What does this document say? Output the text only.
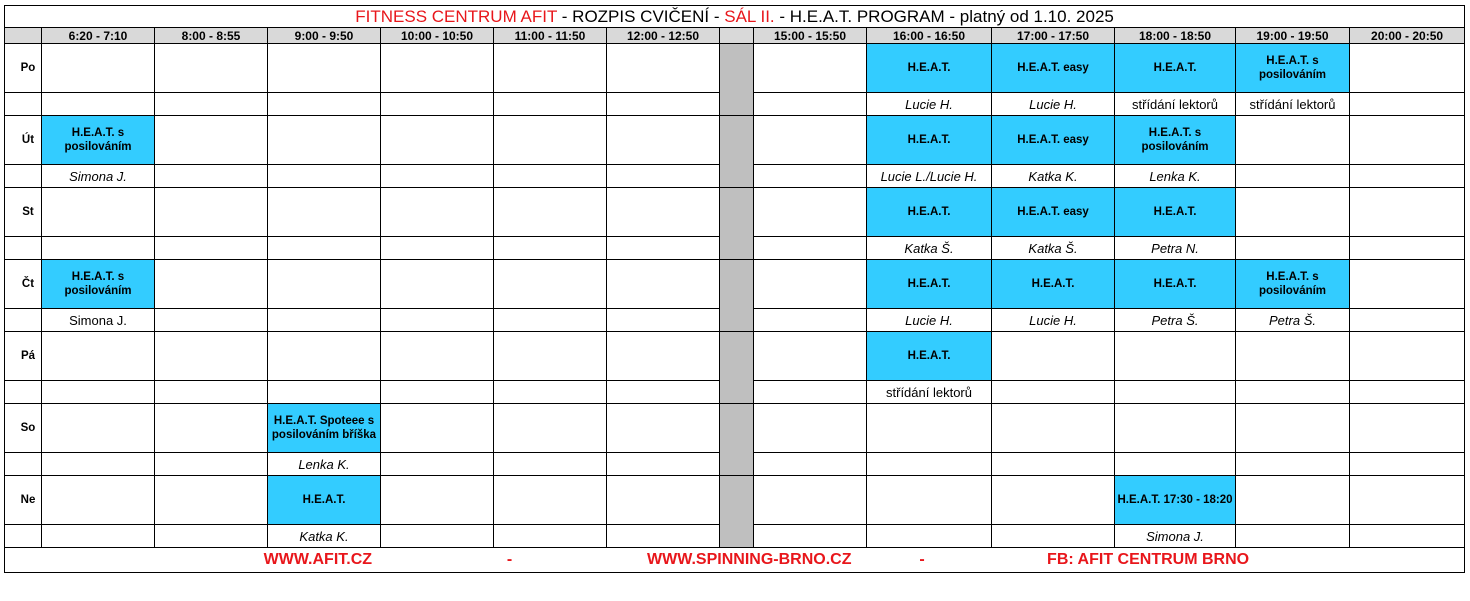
FITNESS CENTRUM AFIT - ROZPIS CVIČENÍ - SÁL II. - H.E.A.T. PROGRAM - platný od 1.10. 2025													
	6:20 - 7:10	8:00 - 8:55	9:00 - 9:50	10:00 - 10:50	11:00 - 11:50	12:00 - 12:50		15:00 - 15:50	16:00 - 16:50	17:00 - 17:50	18:00 - 18:50	19:00 - 19:50	20:00 - 20:50
Po									H.E.A.T.	H.E.A.T. easy	H.E.A.T.	H.E.A.T. s posilováním	
									Lucie H.	Lucie H.	střídání lektorů	střídání lektorů	
Út	H.E.A.T. s posilováním								H.E.A.T.	H.E.A.T. easy	H.E.A.T. s posilováním		
	Simona J.								Lucie L./Lucie H.	Katka K.	Lenka K.		
St									H.E.A.T.	H.E.A.T. easy	H.E.A.T.		
									Katka Š.	Katka Š.	Petra N.		
Čt	H.E.A.T. s posilováním								H.E.A.T.	H.E.A.T.	H.E.A.T.	H.E.A.T. s posilováním	
	Simona J.								Lucie H.	Lucie H.	Petra Š.	Petra Š.	
Pá									H.E.A.T.				
									střídání lektorů				
So			H.E.A.T. Spoteee s posilováním bříška										
			Lenka K.										
Ne			H.E.A.T.								H.E.A.T. 17:30 - 18:20		
			Katka K.								Simona J.		

WWW.AFIT.CZ - WWW.SPINNING-BRNO.CZ - FB: AFIT CENTRUM BRNO													
